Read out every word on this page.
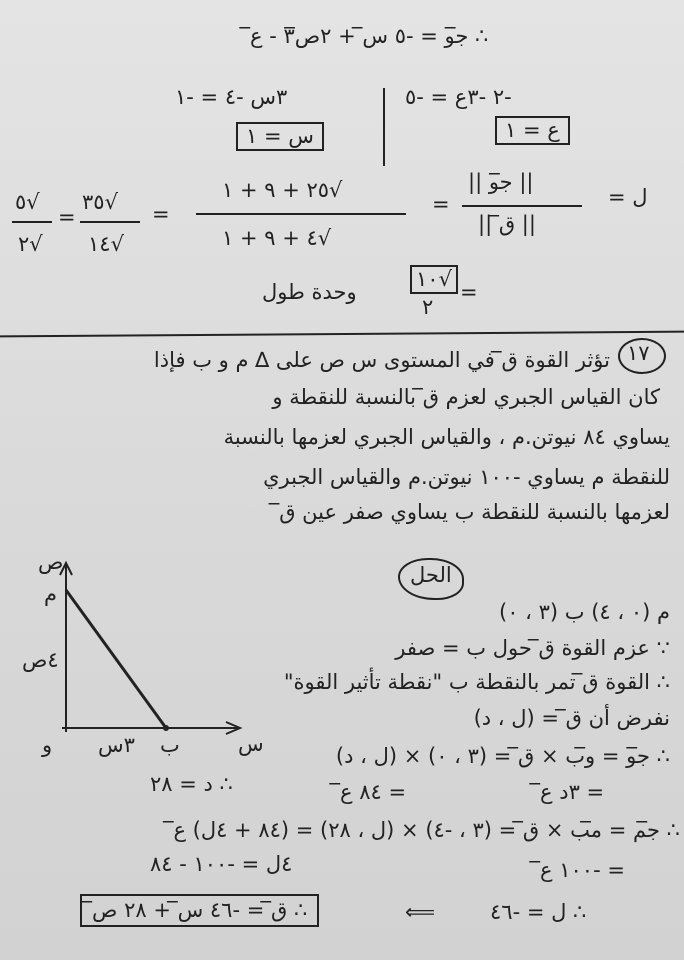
∴ ج̅و = -٥ س̅ + ٢ص̅٣ - ع̅
٣س -٤ = -١
س = ١
-٢ -٣ع = -٥
ع = ١
ل =
|| ج̅و ||
|| ق̅ ||
=
√٢٥ + ٩ + ١
√٤ + ٩ + ١
=
√٣٥
√١٤
=
√٥
√٢
=
√١٠
٢
وحدة طول
١٧
تؤثر القوة ق̅ في المستوى س ص على ∆ م و ب فإذا
كان القياس الجبري لعزم ق̅ بالنسبة للنقطة و
يساوي ٨٤ نيوتن.م ، والقياس الجبري لعزمها بالنسبة
للنقطة م يساوي -١٠٠ نيوتن.م والقياس الجبري
لعزمها بالنسبة للنقطة ب يساوي صفر عين ق̅
ص
م
٤ص
و ٣س ب	س
الحل
م (٠ ، ٤) ب (٣ ، ٠)
∵ عزم القوة ق̅ حول ب = صفر
∴ القوة ق̅ تمر بالنقطة ب "نقطة تأثير القوة"
نفرض أن ق̅ = (ل ، د)
∴ ج̅و = و̅ب × ق̅ = (٣ ، ٠) × (ل ، د)
= ٣د ع̅
= ٨٤ ع̅
∴ د = ٢٨
∴ ج̅م = م̅ب × ق̅ = (٣ ، -٤) × (ل ، ٢٨) = (٨٤ + ٤ل) ع̅
= -١٠٠ ع̅
٤ل = -١٠٠ - ٨٤
∴ ل = -٤٦
⟸
∴ ق̅ = -٤٦ س̅ + ٢٨ ص̅
